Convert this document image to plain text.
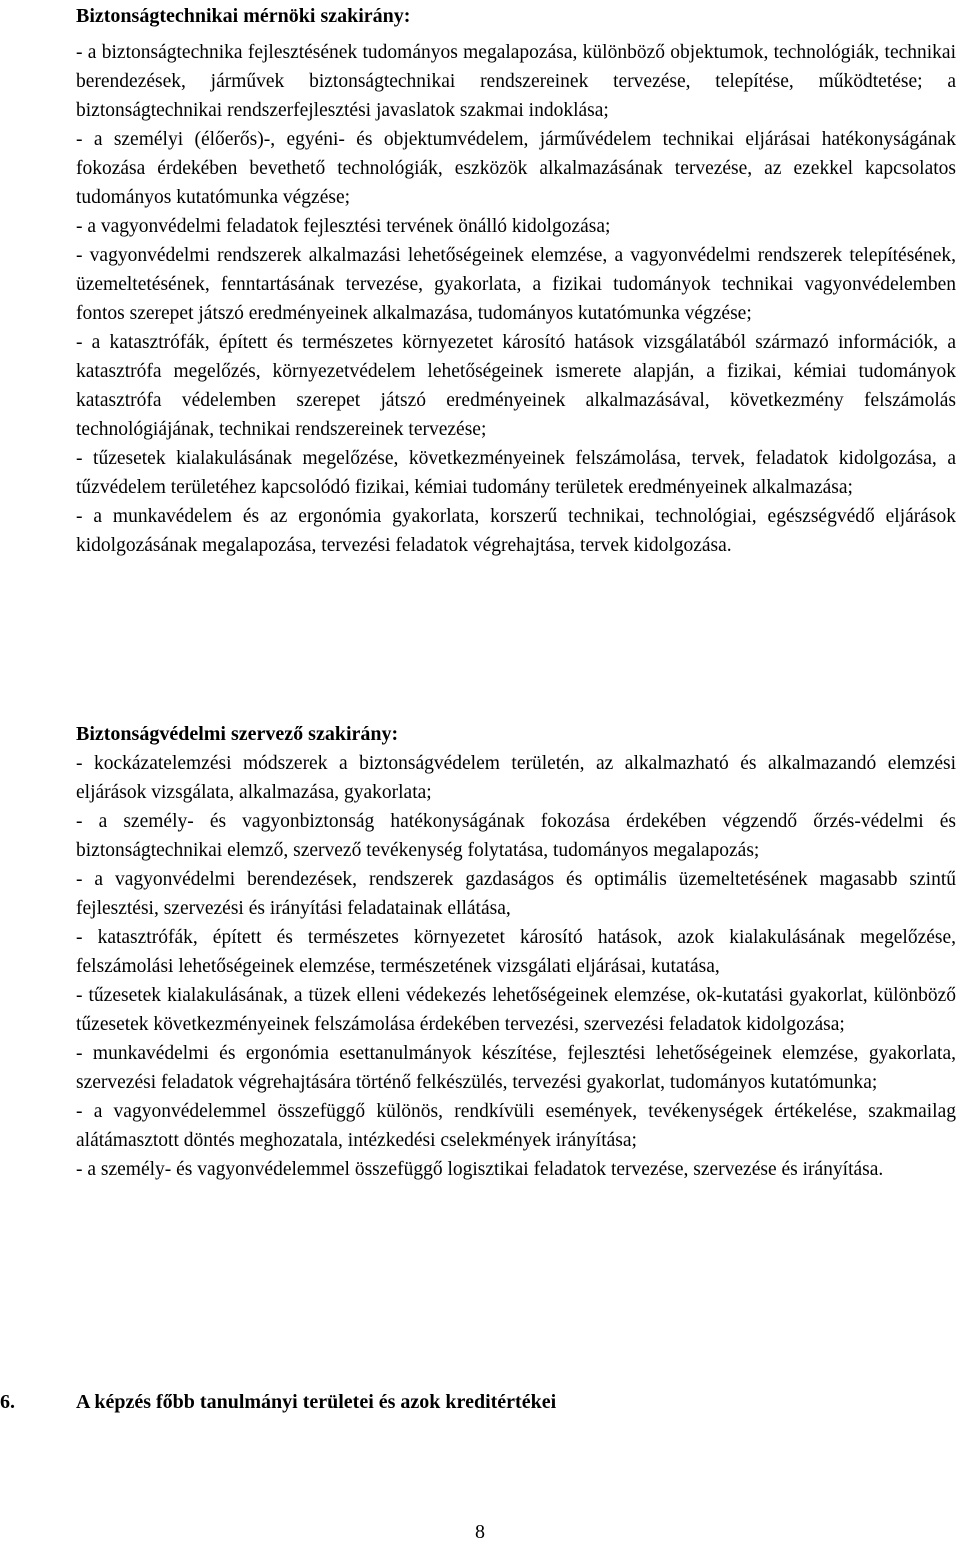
Biztonságtechnikai mérnöki szakirány:

- a biztonságtechnika fejlesztésének tudományos megalapozása, különböző objektumok, technológiák, technikai berendezések, járművek biztonságtechnikai rendszereinek tervezése, telepítése, működtetése; a biztonságtechnikai rendszerfejlesztési javaslatok szakmai indoklása;

- a személyi (élőerős)-, egyéni- és objektumvédelem, járművédelem technikai eljárásai hatékonyságának fokozása érdekében bevethető technológiák, eszközök alkalmazásának tervezése, az ezekkel kapcsolatos tudományos kutatómunka végzése;

- a vagyonvédelmi feladatok fejlesztési tervének önálló kidolgozása;

- vagyonvédelmi rendszerek alkalmazási lehetőségeinek elemzése, a vagyonvédelmi rendszerek telepítésének, üzemeltetésének, fenntartásának tervezése, gyakorlata, a fizikai tudományok technikai vagyonvédelemben fontos szerepet játszó eredményeinek alkalmazása, tudományos kutatómunka végzése;

- a katasztrófák, épített és természetes környezetet károsító hatások vizsgálatából származó információk, a katasztrófa megelőzés, környezetvédelem lehetőségeinek ismerete alapján, a fizikai, kémiai tudományok katasztrófa védelemben szerepet játszó eredményeinek alkalmazásával, következmény felszámolás technológiájának, technikai rendszereinek tervezése;

- tűzesetek kialakulásának megelőzése, következményeinek felszámolása, tervek, feladatok kidolgozása, a tűzvédelem területéhez kapcsolódó fizikai, kémiai tudomány területek eredményeinek alkalmazása;

- a munkavédelem és az ergonómia gyakorlata, korszerű technikai, technológiai, egészségvédő eljárások kidolgozásának megalapozása, tervezési feladatok végrehajtása, tervek kidolgozása.

Biztonságvédelmi szervező szakirány:

- kockázatelemzési módszerek a biztonságvédelem területén, az alkalmazható és alkalmazandó elemzési eljárások vizsgálata, alkalmazása, gyakorlata;

- a személy- és vagyonbiztonság hatékonyságának fokozása érdekében végzendő őrzés-védelmi és biztonságtechnikai elemző, szervező tevékenység folytatása, tudományos megalapozás;

- a vagyonvédelmi berendezések, rendszerek gazdaságos és optimális üzemeltetésének magasabb szintű fejlesztési, szervezési és irányítási feladatainak ellátása,

- katasztrófák, épített és természetes környezetet károsító hatások, azok kialakulásának megelőzése, felszámolási lehetőségeinek elemzése, természetének vizsgálati eljárásai, kutatása,

- tűzesetek kialakulásának, a tüzek elleni védekezés lehetőségeinek elemzése, ok-kutatási gyakorlat, különböző tűzesetek következményeinek felszámolása érdekében tervezési, szervezési feladatok kidolgozása;

- munkavédelmi és ergonómia esettanulmányok készítése, fejlesztési lehetőségeinek elemzése, gyakorlata, szervezési feladatok végrehajtására történő felkészülés, tervezési gyakorlat, tudományos kutatómunka;

- a vagyonvédelemmel összefüggő különös, rendkívüli események, tevékenységek értékelése, szakmailag alátámasztott döntés meghozatala, intézkedési cselekmények irányítása;

- a személy- és vagyonvédelemmel összefüggő logisztikai feladatok tervezése, szervezése és irányítása.

6.	A képzés főbb tanulmányi területei és azok kreditértékei
8
